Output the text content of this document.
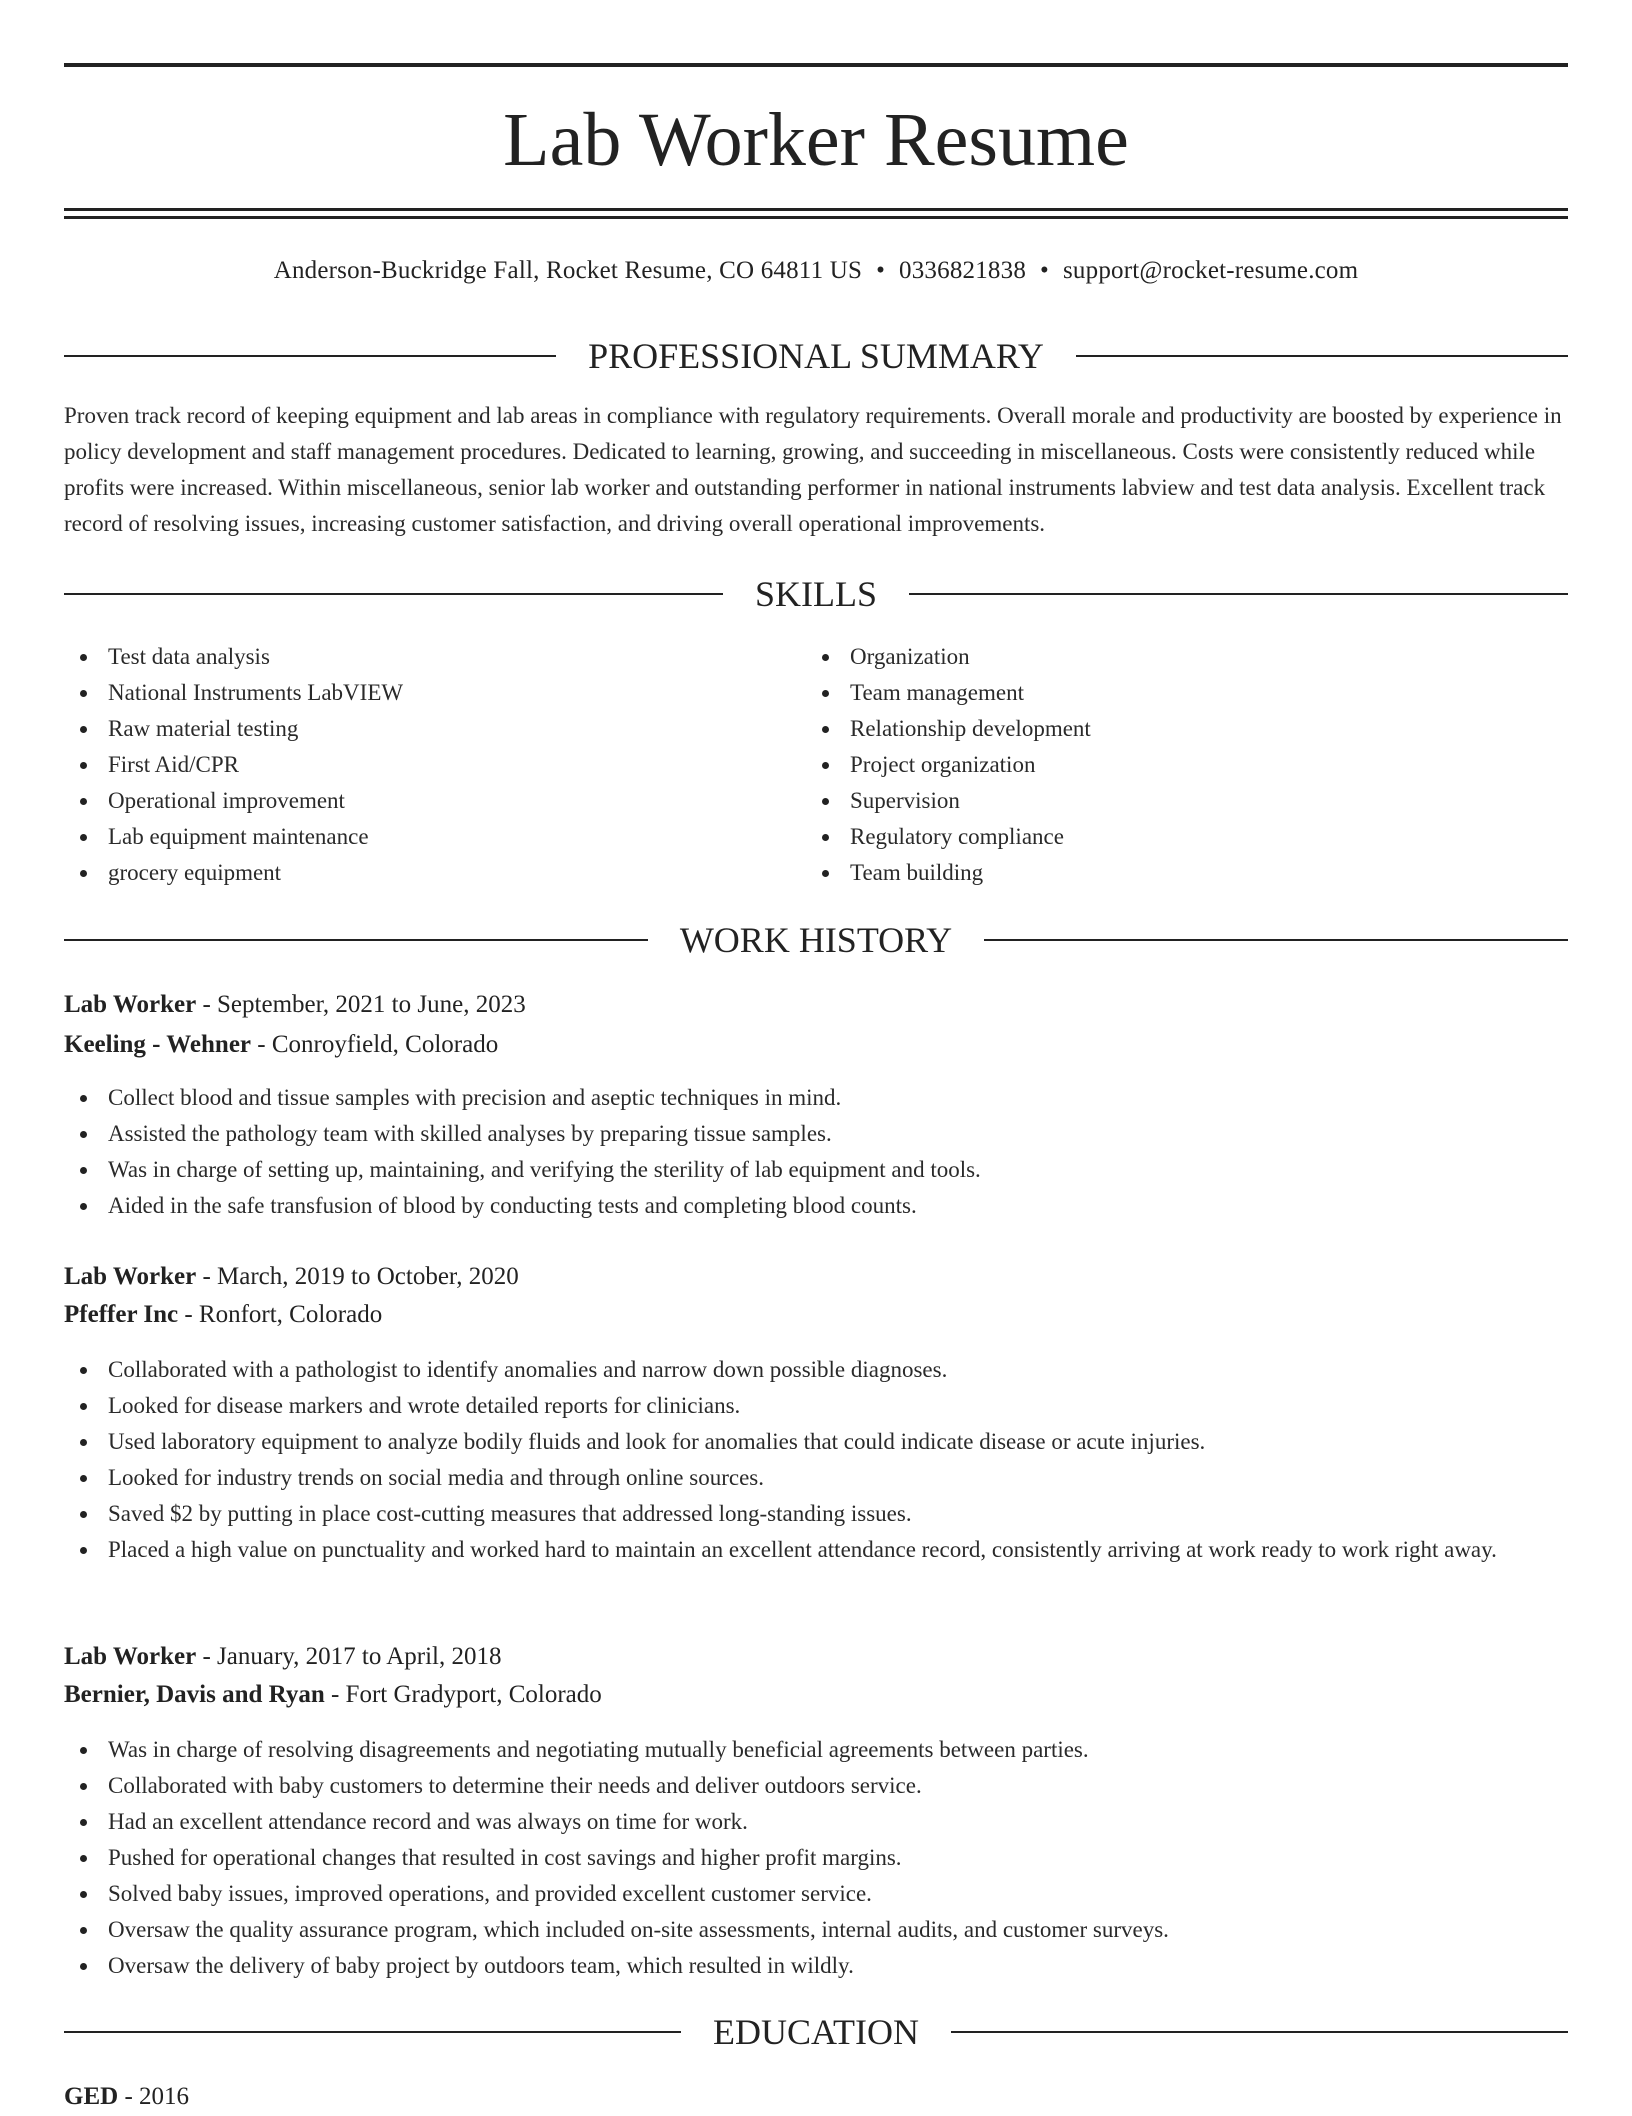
Lab Worker Resume
Anderson-Buckridge Fall, Rocket Resume, CO 64811 US • 0336821838 • support@rocket-resume.com
PROFESSIONAL SUMMARY

Proven track record of keeping equipment and lab areas in compliance with regulatory requirements. Overall morale and productivity are boosted by experience in policy development and staff management procedures. Dedicated to learning, growing, and succeeding in miscellaneous. Costs were consistently reduced while profits were increased. Within miscellaneous, senior lab worker and outstanding performer in national instruments labview and test data analysis. Excellent track record of resolving issues, increasing customer satisfaction, and driving overall operational improvements.

SKILLS
Test data analysis
National Instruments LabVIEW
Raw material testing
First Aid/CPR
Operational improvement
Lab equipment maintenance
grocery equipment
Organization
Team management
Relationship development
Project organization
Supervision
Regulatory compliance
Team building
WORK HISTORY
Lab Worker - September, 2021 to June, 2023
Keeling - Wehner - Conroyfield, Colorado
Collect blood and tissue samples with precision and aseptic techniques in mind.
Assisted the pathology team with skilled analyses by preparing tissue samples.
Was in charge of setting up, maintaining, and verifying the sterility of lab equipment and tools.
Aided in the safe transfusion of blood by conducting tests and completing blood counts.
Lab Worker - March, 2019 to October, 2020
Pfeffer Inc - Ronfort, Colorado
Collaborated with a pathologist to identify anomalies and narrow down possible diagnoses.
Looked for disease markers and wrote detailed reports for clinicians.
Used laboratory equipment to analyze bodily fluids and look for anomalies that could indicate disease or acute injuries.
Looked for industry trends on social media and through online sources.
Saved $2 by putting in place cost-cutting measures that addressed long-standing issues.
Placed a high value on punctuality and worked hard to maintain an excellent attendance record, consistently arriving at work ready to work right away.
Lab Worker - January, 2017 to April, 2018
Bernier, Davis and Ryan - Fort Gradyport, Colorado
Was in charge of resolving disagreements and negotiating mutually beneficial agreements between parties.
Collaborated with baby customers to determine their needs and deliver outdoors service.
Had an excellent attendance record and was always on time for work.
Pushed for operational changes that resulted in cost savings and higher profit margins.
Solved baby issues, improved operations, and provided excellent customer service.
Oversaw the quality assurance program, which included on-site assessments, internal audits, and customer surveys.
Oversaw the delivery of baby project by outdoors team, which resulted in wildly.
EDUCATION
GED - 2016
